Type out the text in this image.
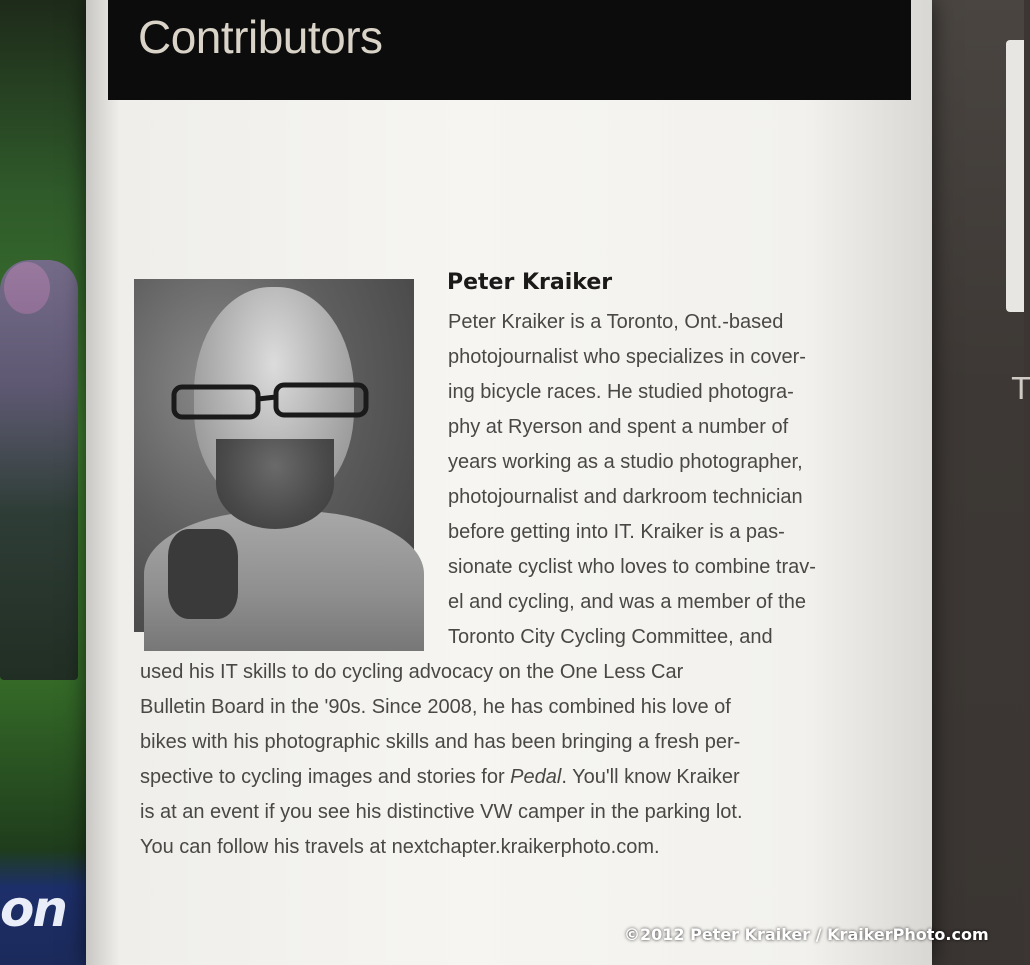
on
T
Contributors
Peter Kraiker
Peter Kraiker is a Toronto, Ont.-based
photojournalist who specializes in cover-
ing bicycle races. He studied photogra-
phy at Ryerson and spent a number of
years working as a studio photographer,
photojournalist and darkroom technician
before getting into IT. Kraiker is a pas-
sionate cyclist who loves to combine trav-
el and cycling, and was a member of the
Toronto City Cycling Committee, and
used his IT skills to do cycling advocacy on the One Less Car
Bulletin Board in the '90s. Since 2008, he has combined his love of
bikes with his photographic skills and has been bringing a fresh per-
spective to cycling images and stories for Pedal. You'll know Kraiker
is at an event if you see his distinctive VW camper in the parking lot.
You can follow his travels at nextchapter.kraikerphoto.com.
©2012 Peter Kraiker / KraikerPhoto.com
